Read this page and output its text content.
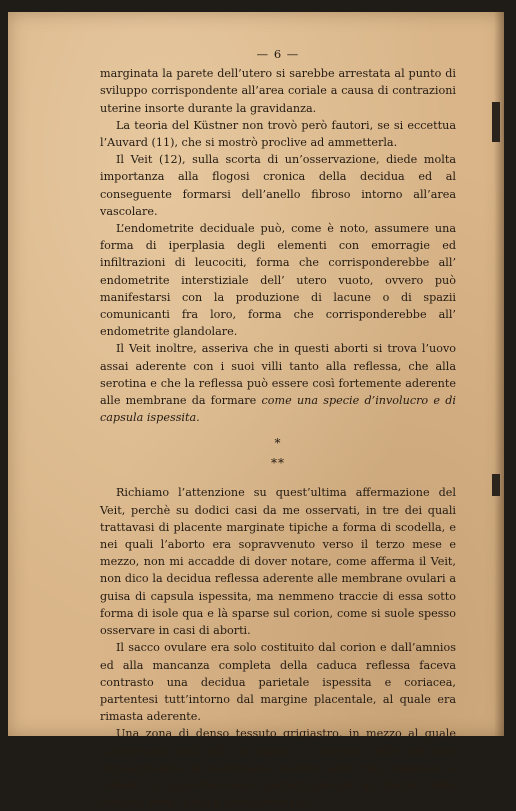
— 6 —

marginata la parete dell’utero si sarebbe arrestata al punto di sviluppo corrispondente all’area coriale a causa di contrazioni uterine insorte durante la gravidanza.

La teoria del Küstner non trovò però fautori, se si eccettua l’Auvard (11), che si mostrò proclive ad ammetterla.

Il Veit (12), sulla scorta di un’osservazione, diede molta importanza alla flogosi cronica della decidua ed al conseguente formarsi dell’anello fibroso intorno all’area vascolare.

L’endometrite deciduale può, come è noto, assumere una forma di iperplasia degli elementi con emorragie ed infiltrazioni di leucociti, forma che corrisponderebbe all’ endometrite interstiziale dell’ utero vuoto, ovvero può manifestarsi con la produzione di lacune o di spazii comunicanti fra loro, forma che corrisponderebbe all’ endometrite glandolare.

Il Veit inoltre, asseriva che in questi aborti si trova l’uovo assai aderente con i suoi villi tanto alla reflessa, che alla serotina e che la reflessa può essere così fortemente aderente alle membrane da formare come una specie d’involucro e di capsula ispessita.

*
**

Richiamo l’attenzione su quest’ultima affermazione del Veit, perchè su dodici casi da me osservati, in tre dei quali trattavasi di placente marginate tipiche a forma di scodella, e nei quali l’aborto era sopravvenuto verso il terzo mese e mezzo, non mi accadde di dover notare, come afferma il Veit, non dico la decidua reflessa aderente alle membrane ovulari a guisa di capsula ispessita, ma nemmeno traccie di essa sotto forma di isole qua e là sparse sul corion, come si suole spesso osservare in casi di aborti.

Il sacco ovulare era solo costituito dal corion e dall’amnios ed alla mancanza completa della caduca reflessa faceva contrasto una decidua parietale ispessita e coriacea, partentesi tutt’intorno dal margine placentale, al quale era rimasta aderente.

Una zona di denso tessuto grigiastro, in mezzo al quale scorgevansi esili villi, occupava il margine delle placente circoscrivendo le membrane, mentre altri villi numerosi e robusti si approfondivano perifericamente al disotto della decidua vera, quasi a dimostrare l’in-
